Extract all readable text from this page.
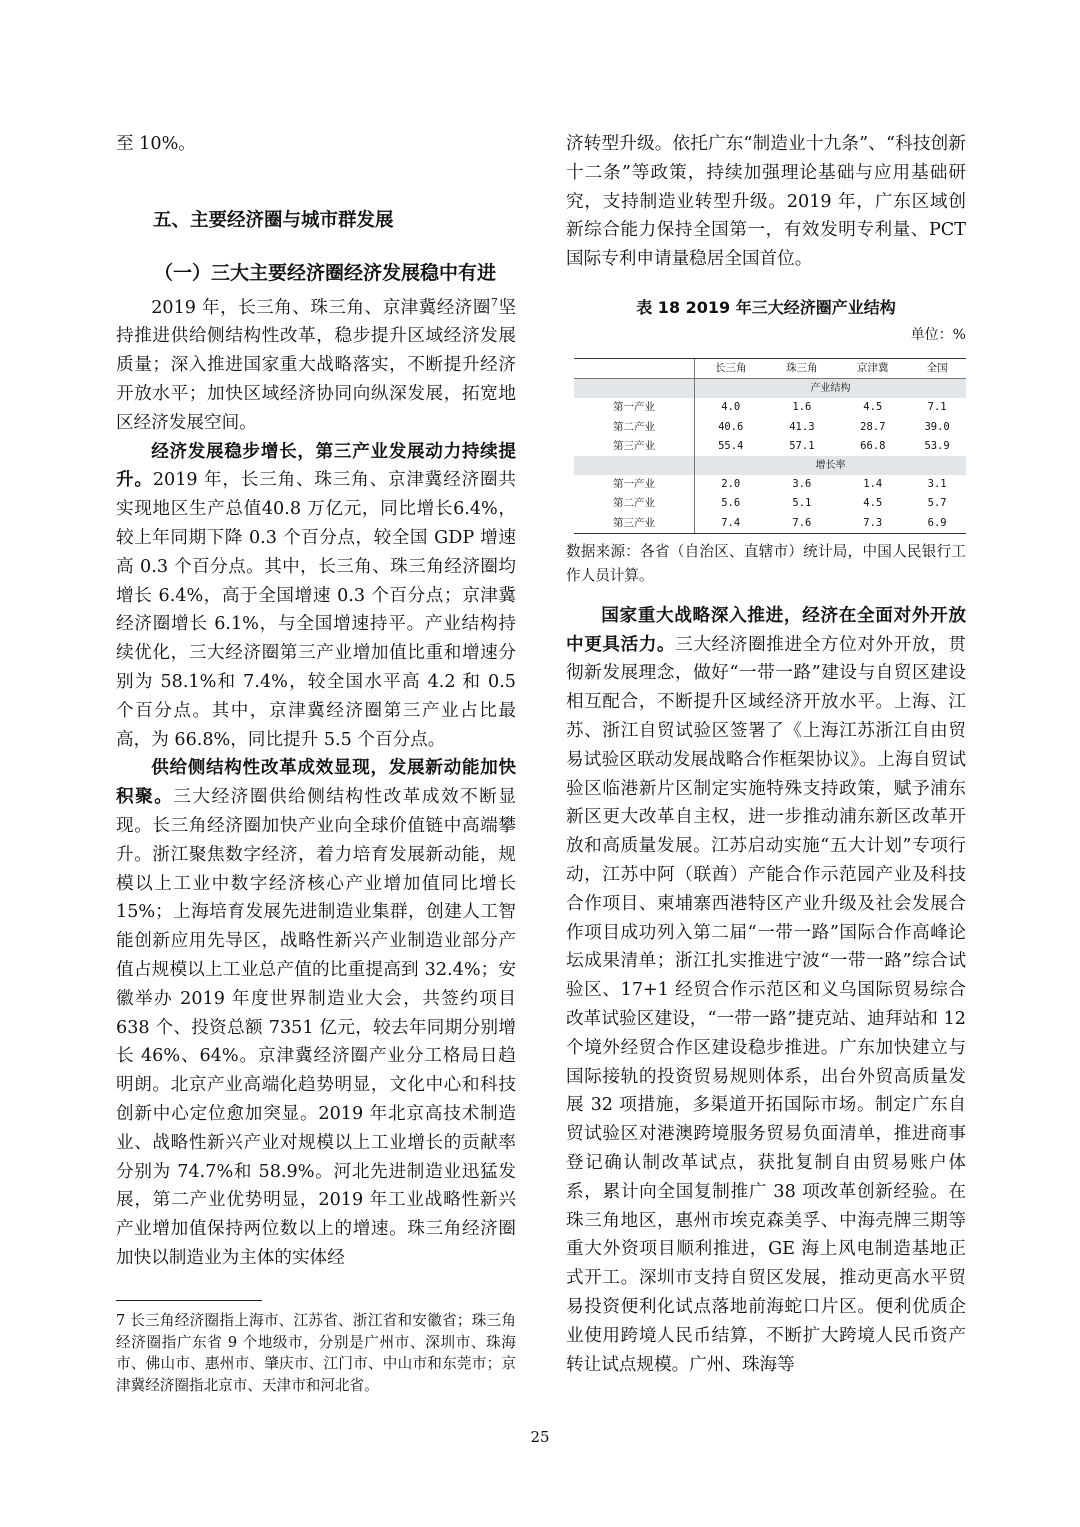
至 10%。

五、主要经济圈与城市群发展
（一）三大主要经济圈经济发展稳中有进

2019 年，长三角、珠三角、京津冀经济圈$^7$坚持推进供给侧结构性改革，稳步提升区域经济发展质量；深入推进国家重大战略落实，不断提升经济开放水平；加快区域经济协同向纵深发展，拓宽地区经济发展空间。

经济发展稳步增长，第三产业发展动力持续提升。2019 年，长三角、珠三角、京津冀经济圈共实现地区生产总值40.8 万亿元，同比增长6.4%，较上年同期下降 0.3 个百分点，较全国 GDP 增速高 0.3 个百分点。其中，长三角、珠三角经济圈均增长 6.4%，高于全国增速 0.3 个百分点；京津冀经济圈增长 6.1%，与全国增速持平。产业结构持续优化，三大经济圈第三产业增加值比重和增速分别为 58.1%和 7.4%，较全国水平高 4.2 和 0.5 个百分点。其中，京津冀经济圈第三产业占比最高，为 66.8%，同比提升 5.5 个百分点。

供给侧结构性改革成效显现，发展新动能加快积聚。三大经济圈供给侧结构性改革成效不断显现。长三角经济圈加快产业向全球价值链中高端攀升。浙江聚焦数字经济，着力培育发展新动能，规模以上工业中数字经济核心产业增加值同比增长 15%；上海培育发展先进制造业集群，创建人工智能创新应用先导区，战略性新兴产业制造业部分产值占规模以上工业总产值的比重提高到 32.4%；安徽举办 2019 年度世界制造业大会，共签约项目 638 个、投资总额 7351 亿元，较去年同期分别增长 46%、64%。京津冀经济圈产业分工格局日趋明朗。北京产业高端化趋势明显，文化中心和科技创新中心定位愈加突显。2019 年北京高技术制造业、战略性新兴产业对规模以上工业增长的贡献率分别为 74.7%和 58.9%。河北先进制造业迅猛发展，第二产业优势明显，2019 年工业战略性新兴产业增加值保持两位数以上的增速。珠三角经济圈加快以制造业为主体的实体经

7 长三角经济圈指上海市、江苏省、浙江省和安徽省；珠三角经济圈指广东省 9 个地级市，分别是广州市、深圳市、珠海市、佛山市、惠州市、肇庆市、江门市、中山市和东莞市；京津冀经济圈指北京市、天津市和河北省。

济转型升级。依托广东“制造业十九条”、“科技创新十二条”等政策，持续加强理论基础与应用基础研究，支持制造业转型升级。2019 年，广东区域创新综合能力保持全国第一，有效发明专利量、PCT 国际专利申请量稳居全国首位。

表 18 2019 年三大经济圈产业结构
单位：%
	长三角	珠三角	京津冀	全国
	产业结构			
第一产业	4.0	1.6	4.5	7.1
第二产业	40.6	41.3	28.7	39.0
第三产业	55.4	57.1	66.8	53.9
	增长率			
第一产业	2.0	3.6	1.4	3.1
第二产业	5.6	5.1	4.5	5.7
第三产业	7.4	7.6	7.3	6.9

数据来源：各省（自治区、直辖市）统计局，中国人民银行工作人员计算。

国家重大战略深入推进，经济在全面对外开放中更具活力。三大经济圈推进全方位对外开放，贯彻新发展理念，做好“一带一路”建设与自贸区建设相互配合，不断提升区域经济开放水平。上海、江苏、浙江自贸试验区签署了《上海江苏浙江自由贸易试验区联动发展战略合作框架协议》。上海自贸试验区临港新片区制定实施特殊支持政策，赋予浦东新区更大改革自主权，进一步推动浦东新区改革开放和高质量发展。江苏启动实施“五大计划”专项行动，江苏中阿（联酋）产能合作示范园产业及科技合作项目、柬埔寨西港特区产业升级及社会发展合作项目成功列入第二届“一带一路”国际合作高峰论坛成果清单；浙江扎实推进宁波“一带一路”综合试验区、17+1 经贸合作示范区和义乌国际贸易综合改革试验区建设，“一带一路”捷克站、迪拜站和 12 个境外经贸合作区建设稳步推进。广东加快建立与国际接轨的投资贸易规则体系，出台外贸高质量发展 32 项措施，多渠道开拓国际市场。制定广东自贸试验区对港澳跨境服务贸易负面清单，推进商事登记确认制改革试点，获批复制自由贸易账户体系，累计向全国复制推广 38 项改革创新经验。在珠三角地区，惠州市埃克森美孚、中海壳牌三期等重大外资项目顺利推进，GE 海上风电制造基地正式开工。深圳市支持自贸区发展，推动更高水平贸易投资便利化试点落地前海蛇口片区。便利优质企业使用跨境人民币结算，不断扩大跨境人民币资产转让试点规模。广州、珠海等

25
